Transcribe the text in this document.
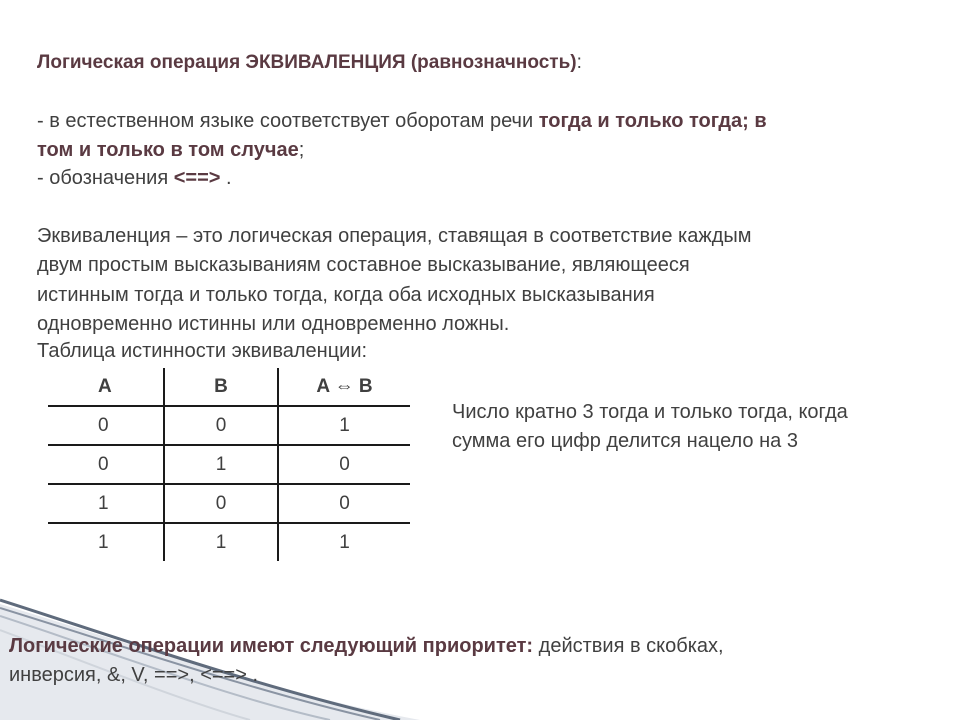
Логическая операция ЭКВИВАЛЕНЦИЯ (равнозначность):
- в естественном языке соответствует оборотам речи тогда и только тогда; в
том и только в том случае;
- обозначения <==> .
Эквиваленция – это логическая операция, ставящая в соответствие каждым
двум простым высказываниям составное высказывание, являющееся
истинным тогда и только тогда, когда оба исходных высказывания
одновременно истинны или одновременно ложны.
Таблица истинности эквиваленции:
A	B	A ⇔ B
0	0	1
0	1	0
1	0	0
1	1	1
Число кратно 3 тогда и только тогда, когда
сумма его цифр делится нацело на 3
Логические операции имеют следующий приоритет: действия в скобках,
инверсия, &, V, ==>, <==> .
